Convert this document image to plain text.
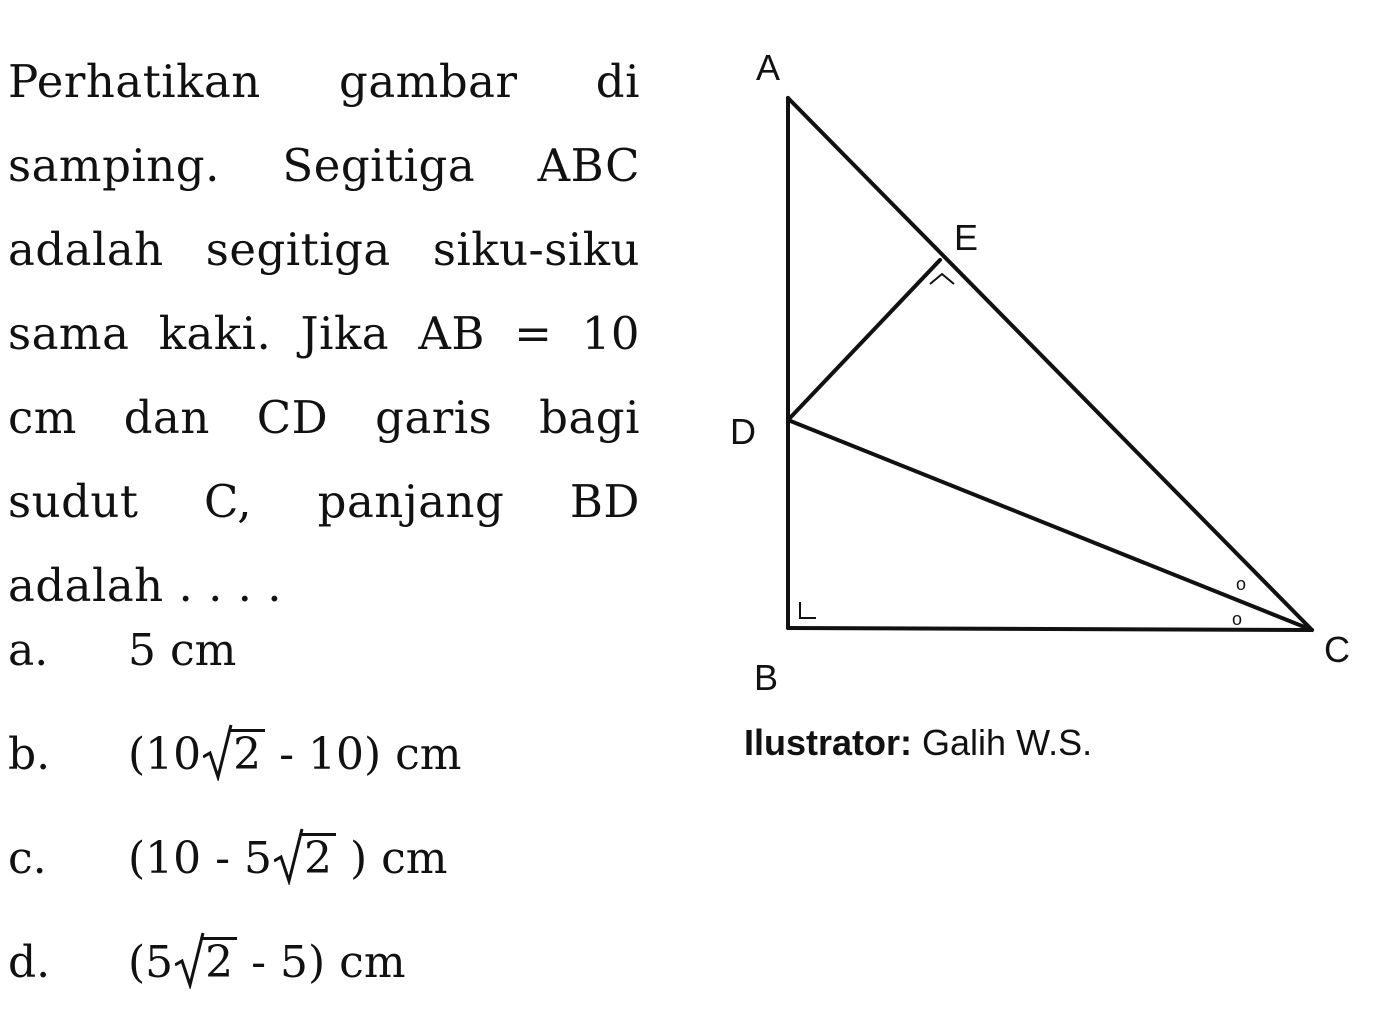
Perhatikan gambar di samping. Segitiga ABC adalah segitiga siku-siku sama kaki. Jika AB = 10 cm dan CD garis bagi sudut C, panjang BD adalah . . . .
a.	5 cm
b.	(10 2 - 10) cm
c.	(10 - 5 2 ) cm
d.	(5 2 - 5) cm
A
E
D
B
C
o
o
Ilustrator: Galih W.S.
